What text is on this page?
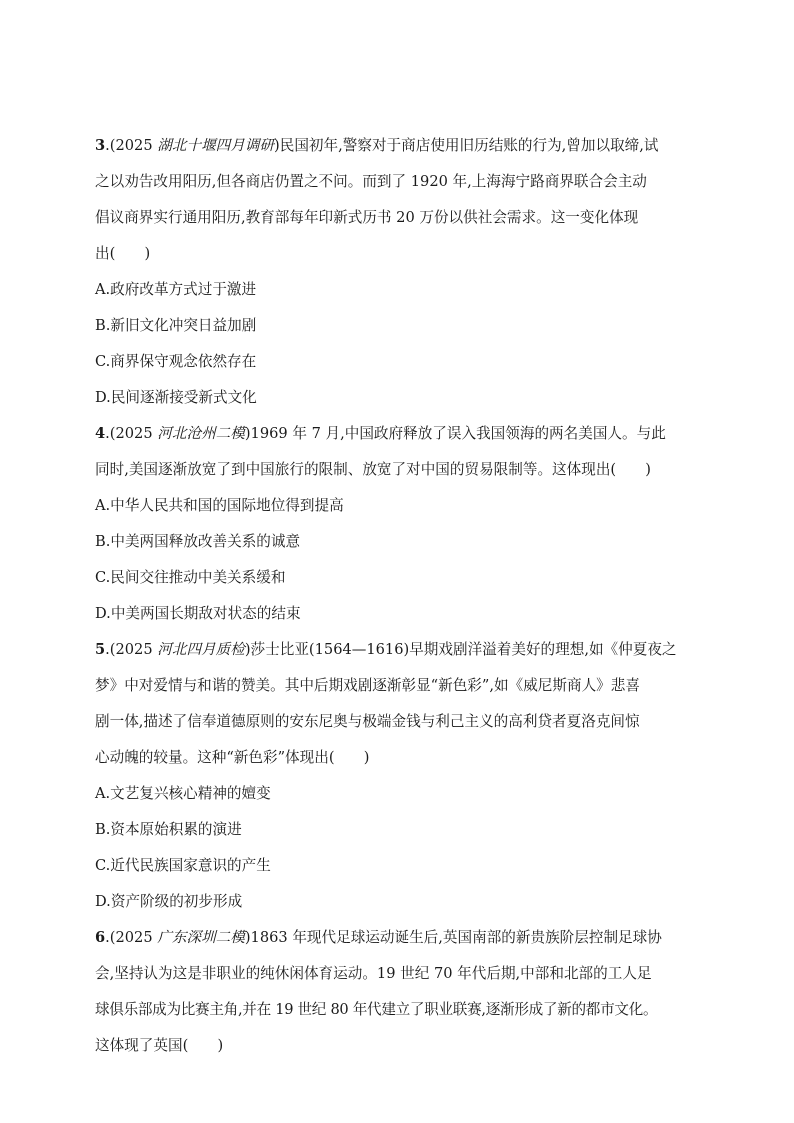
3.(2025 湖北十堰四月调研)民国初年,警察对于商店使用旧历结账的行为,曾加以取缔,试
之以劝告改用阳历,但各商店仍置之不问。而到了 1920 年,上海海宁路商界联合会主动
倡议商界实行通用阳历,教育部每年印新式历书 20 万份以供社会需求。这一变化体现
出(　　)
A.政府改革方式过于激进
B.新旧文化冲突日益加剧
C.商界保守观念依然存在
D.民间逐渐接受新式文化
4.(2025 河北沧州二模)1969 年 7 月,中国政府释放了误入我国领海的两名美国人。与此
同时,美国逐渐放宽了到中国旅行的限制、放宽了对中国的贸易限制等。这体现出(　　)
A.中华人民共和国的国际地位得到提高
B.中美两国释放改善关系的诚意
C.民间交往推动中美关系缓和
D.中美两国长期敌对状态的结束
5.(2025 河北四月质检)莎士比亚(1564—1616)早期戏剧洋溢着美好的理想,如《仲夏夜之
梦》中对爱情与和谐的赞美。其中后期戏剧逐渐彰显“新色彩”,如《威尼斯商人》悲喜
剧一体,描述了信奉道德原则的安东尼奥与极端金钱与利己主义的高利贷者夏洛克间惊
心动魄的较量。这种“新色彩”体现出(　　)
A.文艺复兴核心精神的嬗变
B.资本原始积累的演进
C.近代民族国家意识的产生
D.资产阶级的初步形成
6.(2025 广东深圳二模)1863 年现代足球运动诞生后,英国南部的新贵族阶层控制足球协
会,坚持认为这是非职业的纯休闲体育运动。19 世纪 70 年代后期,中部和北部的工人足
球俱乐部成为比赛主角,并在 19 世纪 80 年代建立了职业联赛,逐渐形成了新的都市文化。
这体现了英国(　　)
